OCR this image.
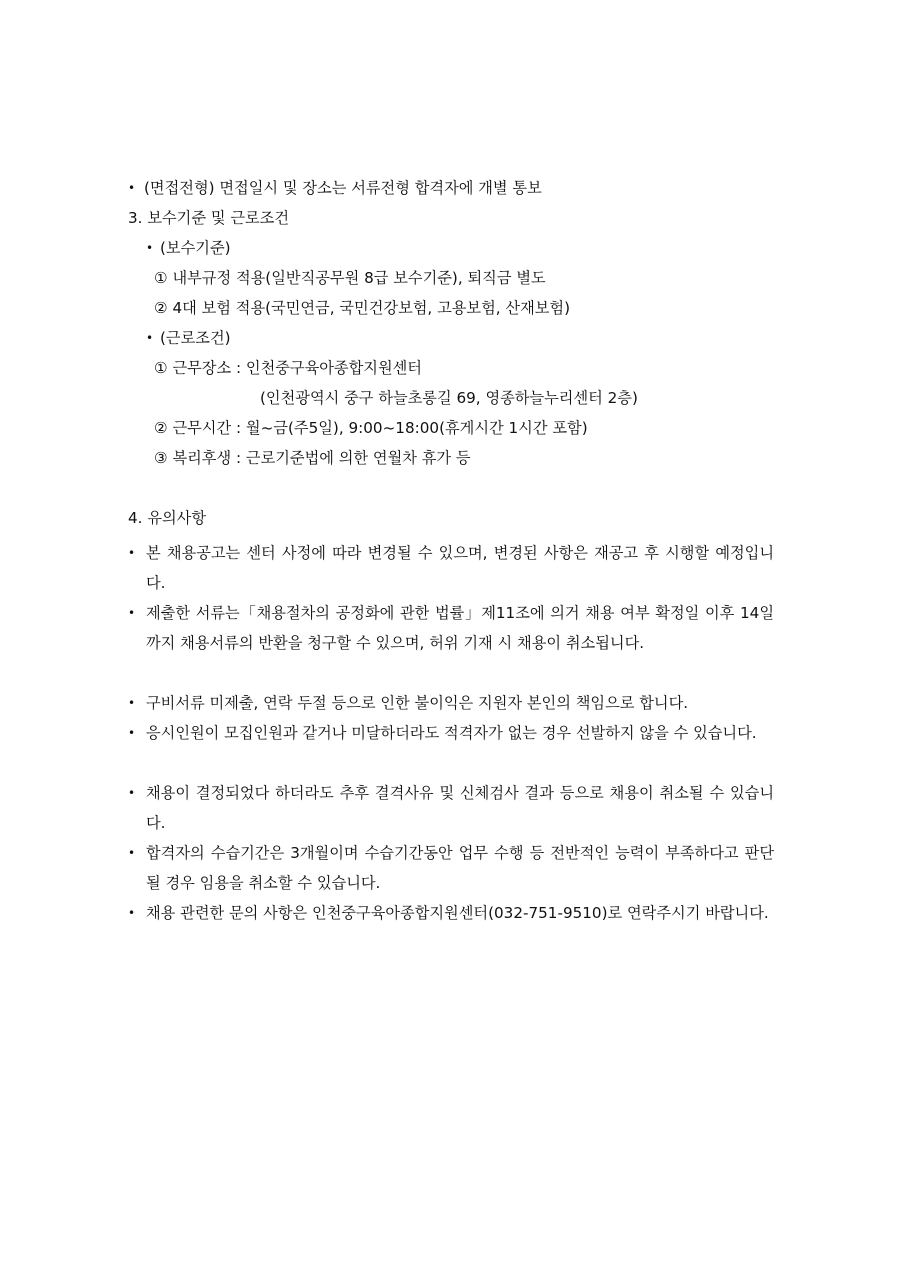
• (면접전형) 면접일시 및 장소는 서류전형 합격자에 개별 통보
3. 보수기준 및 근로조건
• (보수기준)
① 내부규정 적용(일반직공무원 8급 보수기준), 퇴직금 별도
② 4대 보험 적용(국민연금, 국민건강보험, 고용보험, 산재보험)
• (근로조건)
① 근무장소 : 인천중구육아종합지원센터
(인천광역시 중구 하늘초롱길 69, 영종하늘누리센터 2층)
② 근무시간 : 월~금(주5일), 9:00~18:00(휴게시간 1시간 포함)
③ 복리후생 : 근로기준법에 의한 연월차 휴가 등
4. 유의사항
• 본 채용공고는 센터 사정에 따라 변경될 수 있으며, 변경된 사항은 재공고 후 시행할 예정입니다.
• 제출한 서류는「채용절차의 공정화에 관한 법률」제11조에 의거 채용 여부 확정일 이후 14일까지 채용서류의 반환을 청구할 수 있으며, 허위 기재 시 채용이 취소됩니다.
• 구비서류 미제출, 연락 두절 등으로 인한 불이익은 지원자 본인의 책임으로 합니다.
• 응시인원이 모집인원과 같거나 미달하더라도 적격자가 없는 경우 선발하지 않을 수 있습니다.
• 채용이 결정되었다 하더라도 추후 결격사유 및 신체검사 결과 등으로 채용이 취소될 수 있습니다.
• 합격자의 수습기간은 3개월이며 수습기간동안 업무 수행 등 전반적인 능력이 부족하다고 판단될 경우 임용을 취소할 수 있습니다.
• 채용 관련한 문의 사항은 인천중구육아종합지원센터(032-751-9510)로 연락주시기 바랍니다.
